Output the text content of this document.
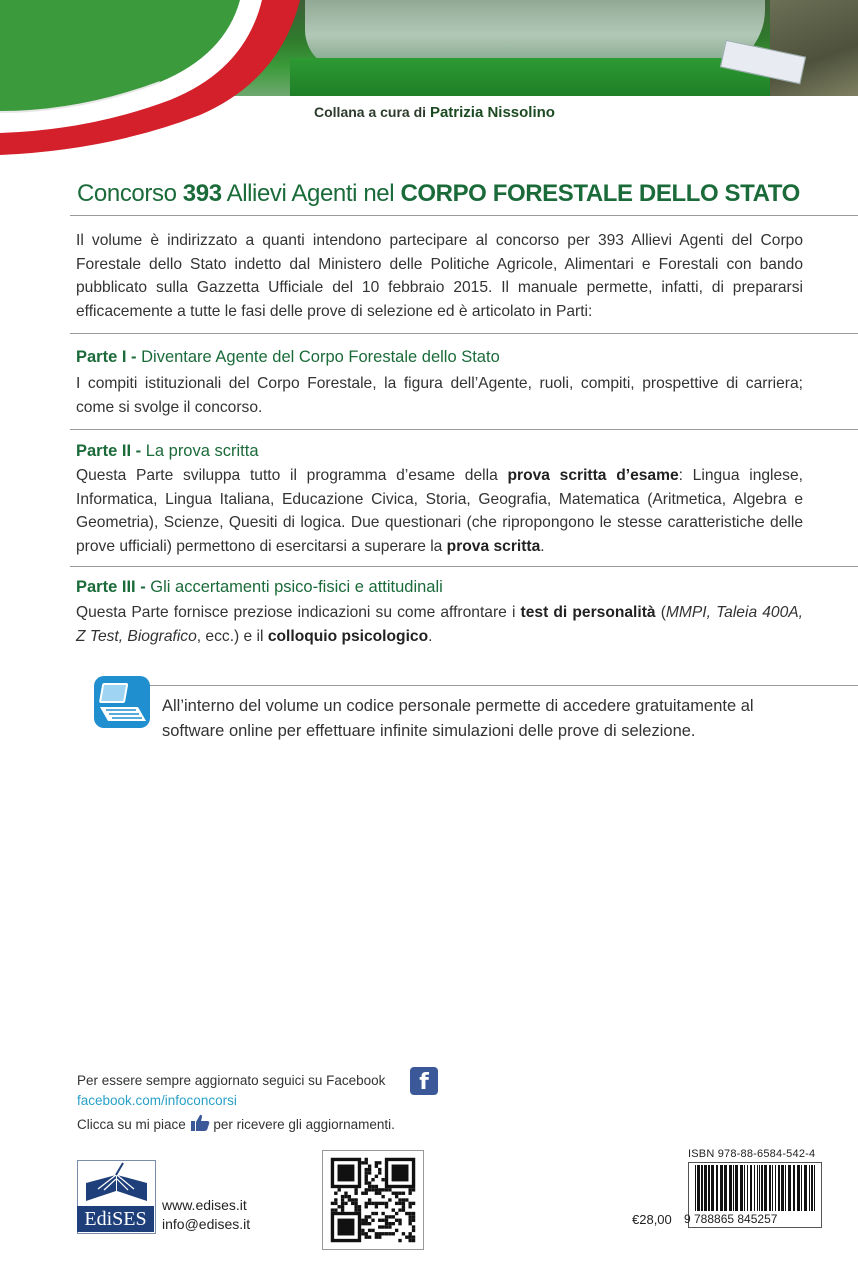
Collana a cura di Patrizia Nissolino
Concorso 393 Allievi Agenti nel CORPO FORESTALE DELLO STATO
Il volume è indirizzato a quanti intendono partecipare al concorso per 393 Allievi Agenti del Corpo Forestale dello Stato indetto dal Ministero delle Politiche Agricole, Alimentari e Forestali con bando pubblicato sulla Gazzetta Ufficiale del 10 febbraio 2015. Il manuale permette, infatti, di prepararsi efficacemente a tutte le fasi delle prove di selezione ed è articolato in Parti:
Parte I - Diventare Agente del Corpo Forestale dello Stato
I compiti istituzionali del Corpo Forestale, la figura dell’Agente, ruoli, compiti, prospettive di carriera; come si svolge il concorso.
Parte II - La prova scritta
Questa Parte sviluppa tutto il programma d’esame della prova scritta d’esame: Lingua inglese, Informatica, Lingua Italiana, Educazione Civica, Storia, Geografia, Matematica (Aritmetica, Algebra e Geometria), Scienze, Quesiti di logica. Due questionari (che ripropongono le stesse caratteristiche delle prove ufficiali) permettono di esercitarsi a superare la prova scritta.
Parte III - Gli accertamenti psico-fisici e attitudinali
Questa Parte fornisce preziose indicazioni su come affrontare i test di personalità (MMPI, Taleia 400A, Z Test, Biografico, ecc.) e il colloquio psicologico.
All’interno del volume un codice personale permette di accedere gratuitamente al software online per effettuare infinite simulazioni delle prove di selezione.
Per essere sempre aggiornato seguici su Facebook	f
facebook.com/infoconcorsi
Clicca su mi piace  per ricevere gli aggiornamenti.
EdiSES
www.edises.it
info@edises.it
ISBN 978-88-6584-542-4
9 788865 845257
€28,00
